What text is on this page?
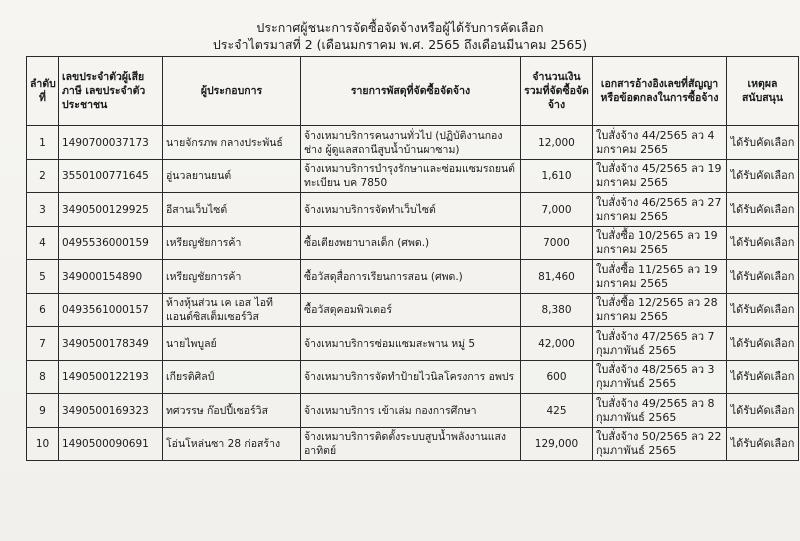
ประกาศผู้ชนะการจัดซื้อจัดจ้างหรือผู้ได้รับการคัดเลือก
ประจำไตรมาสที่ 2 (เดือนมกราคม พ.ศ. 2565 ถึงเดือนมีนาคม 2565)
ลำดับที่	เลขประจำตัวผู้เสียภาษี เลขประจำตัวประชาชน	ผู้ประกอบการ	รายการพัสดุที่จัดซื้อจัดจ้าง	จำนวนเงินรวมที่จัดซื้อจัดจ้าง	เอกสารอ้างอิงเลขที่สัญญาหรือข้อตกลงในการซื้อจ้าง	เหตุผลสนับสนุน
1	1490700037173	นายจักรภพ กลางประพันธ์	จ้างเหมาบริการคนงานทั่วไป (ปฏิบัติงานกองช่าง ผู้ดูแลสถานีสูบน้ำบ้านผาซาม)	12,000	ใบสั่งจ้าง 44/2565 ลว 4 มกราคม 2565	ได้รับคัดเลือก
2	3550100771645	อู่นวลยานยนต์	จ้างเหมาบริการบำรุงรักษาและซ่อมแซมรถยนต์ ทะเบียน บค 7850	1,610	ใบสั่งจ้าง 45/2565 ลว 19 มกราคม 2565	ได้รับคัดเลือก
3	3490500129925	อีสานเว็บไซต์	จ้างเหมาบริการจัดทำเว็บไซต์	7,000	ใบสั่งจ้าง 46/2565 ลว 27 มกราคม 2565	ได้รับคัดเลือก
4	0495536000159	เหรียญชัยการค้า	ซื้อเตียงพยาบาลเด็ก (ศพด.)	7000	ใบสั่งซื้อ 10/2565 ลว 19 มกราคม 2565	ได้รับคัดเลือก
5	349000154890	เหรียญชัยการค้า	ซื้อวัสดุสื่อการเรียนการสอน (ศพด.)	81,460	ใบสั่งซื้อ 11/2565 ลว 19 มกราคม 2565	ได้รับคัดเลือก
6	0493561000157	ห้างหุ้นส่วน เค เอส ไอที แอนด์ซิสเต็มเซอร์วิส	ซื้อวัสดุคอมพิวเตอร์	8,380	ใบสั่งซื้อ 12/2565 ลว 28 มกราคม 2565	ได้รับคัดเลือก
7	3490500178349	นายไพบูลย์	จ้างเหมาบริการซ่อมแซมสะพาน หมู่ 5	42,000	ใบสั่งจ้าง 47/2565 ลว 7 กุมภาพันธ์ 2565	ได้รับคัดเลือก
8	1490500122193	เกียรติศิลป์	จ้างเหมาบริการจัดทำป้ายไวนิลโครงการ อพปร	600	ใบสั่งจ้าง 48/2565 ลว 3 กุมภาพันธ์ 2565	ได้รับคัดเลือก
9	3490500169323	ทศวรรษ ก๊อปปี้เซอร์วิส	จ้างเหมาบริการ เข้าเล่ม กองการศึกษา	425	ใบสั่งจ้าง 49/2565 ลว 8 กุมภาพันธ์ 2565	ได้รับคัดเลือก
10	1490500090691	โอ่นโหล่นซา 28 ก่อสร้าง	จ้างเหมาบริการติดตั้งระบบสูบน้ำพลังงานแสงอาทิตย์	129,000	ใบสั่งจ้าง 50/2565 ลว 22 กุมภาพันธ์ 2565	ได้รับคัดเลือก
